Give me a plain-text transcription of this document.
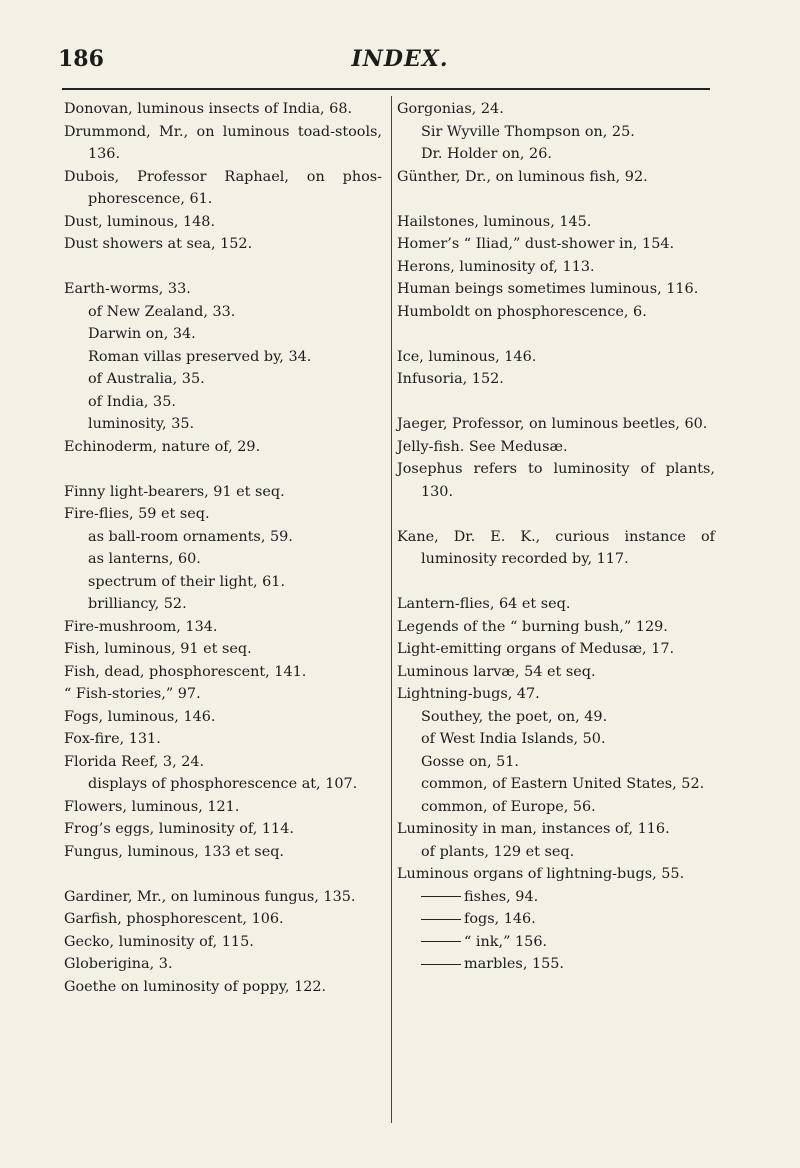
186	INDEX.
Donovan, luminous insects of India, 68.
Drummond, Mr., on luminous toad-stools, 136.
Dubois, Professor Raphael, on phos-phorescence, 61.
Dust, luminous, 148.
Dust showers at sea, 152.
Earth-worms, 33.
of New Zealand, 33.
Darwin on, 34.
Roman villas preserved by, 34.
of Australia, 35.
of India, 35.
luminosity, 35.
Echinoderm, nature of, 29.
Finny light-bearers, 91 et seq.
Fire-flies, 59 et seq.
as ball-room ornaments, 59.
as lanterns, 60.
spectrum of their light, 61.
brilliancy, 52.
Fire-mushroom, 134.
Fish, luminous, 91 et seq.
Fish, dead, phosphorescent, 141.
“ Fish-stories,” 97.
Fogs, luminous, 146.
Fox-fire, 131.
Florida Reef, 3, 24.
displays of phosphorescence at, 107.
Flowers, luminous, 121.
Frog’s eggs, luminosity of, 114.
Fungus, luminous, 133 et seq.
Gardiner, Mr., on luminous fungus, 135.
Garfish, phosphorescent, 106.
Gecko, luminosity of, 115.
Globerigina, 3.
Goethe on luminosity of poppy, 122.
Gorgonias, 24.
Sir Wyville Thompson on, 25.
Dr. Holder on, 26.
Günther, Dr., on luminous fish, 92.
Hailstones, luminous, 145.
Homer’s “ Iliad,” dust-shower in, 154.
Herons, luminosity of, 113.
Human beings sometimes luminous, 116.
Humboldt on phosphorescence, 6.
Ice, luminous, 146.
Infusoria, 152.
Jaeger, Professor, on luminous beetles, 60.
Jelly-fish. See Medusæ.
Josephus refers to luminosity of plants, 130.
Kane, Dr. E. K., curious instance of luminosity recorded by, 117.
Lantern-flies, 64 et seq.
Legends of the “ burning bush,” 129.
Light-emitting organs of Medusæ, 17.
Luminous larvæ, 54 et seq.
Lightning-bugs, 47.
Southey, the poet, on, 49.
of West India Islands, 50.
Gosse on, 51.
common, of Eastern United States, 52.
common, of Europe, 56.
Luminosity in man, instances of, 116.
of plants, 129 et seq.
Luminous organs of lightning-bugs, 55.
fishes, 94.
fogs, 146.
“ ink,” 156.
marbles, 155.
